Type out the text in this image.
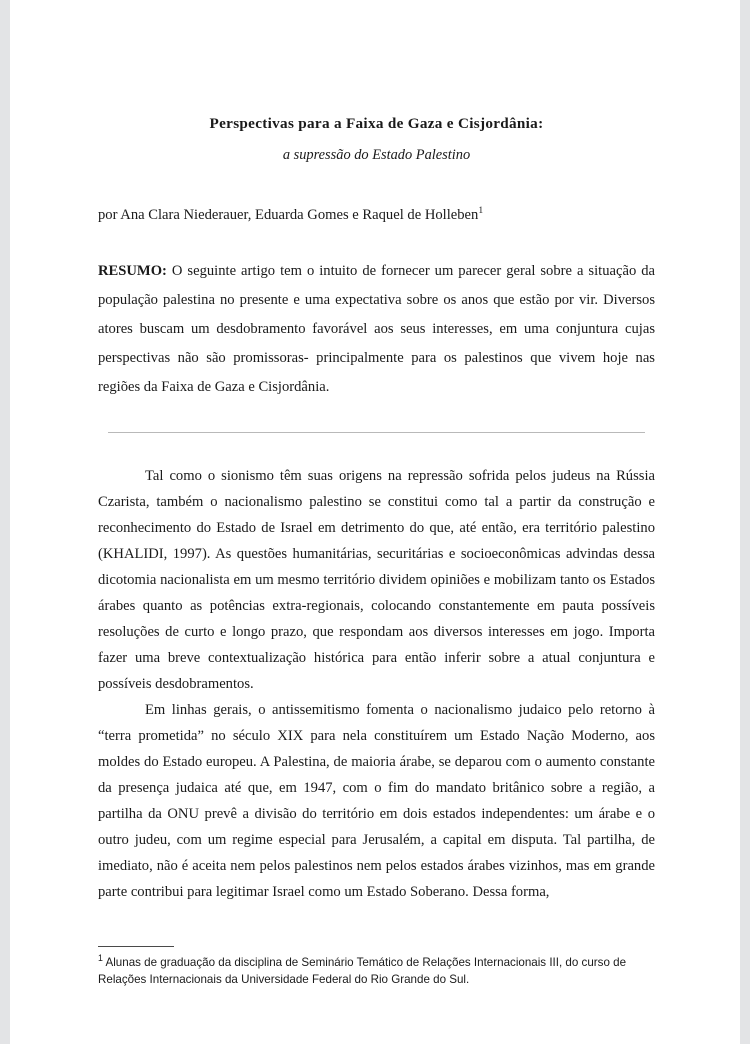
Perspectivas para a Faixa de Gaza e Cisjordânia:

a supressão do Estado Palestino

por Ana Clara Niederauer, Eduarda Gomes e Raquel de Holleben$^1$

RESUMO: O seguinte artigo tem o intuito de fornecer um parecer geral sobre a situação da população palestina no presente e uma expectativa sobre os anos que estão por vir. Diversos atores buscam um desdobramento favorável aos seus interesses, em uma conjuntura cujas perspectivas não são promissoras- principalmente para os palestinos que vivem hoje nas regiões da Faixa de Gaza e Cisjordânia.

Tal como o sionismo têm suas origens na repressão sofrida pelos judeus na Rússia Czarista, também o nacionalismo palestino se constitui como tal a partir da construção e reconhecimento do Estado de Israel em detrimento do que, até então, era território palestino (KHALIDI, 1997). As questões humanitárias, securitárias e socioeconômicas advindas dessa dicotomia nacionalista em um mesmo território dividem opiniões e mobilizam tanto os Estados árabes quanto as potências extra-regionais, colocando constantemente em pauta possíveis resoluções de curto e longo prazo, que respondam aos diversos interesses em jogo. Importa fazer uma breve contextualização histórica para então inferir sobre a atual conjuntura e possíveis desdobramentos.

Em linhas gerais, o antissemitismo fomenta o nacionalismo judaico pelo retorno à “terra prometida” no século XIX para nela constituírem um Estado Nação Moderno, aos moldes do Estado europeu. A Palestina, de maioria árabe, se deparou com o aumento constante da presença judaica até que, em 1947, com o fim do mandato britânico sobre a região, a partilha da ONU prevê a divisão do território em dois estados independentes: um árabe e o outro judeu, com um regime especial para Jerusalém, a capital em disputa. Tal partilha, de imediato, não é aceita nem pelos palestinos nem pelos estados árabes vizinhos, mas em grande parte contribui para legitimar Israel como um Estado Soberano. Dessa forma,

$^1$ Alunas de graduação da disciplina de Seminário Temático de Relações Internacionais III, do curso de Relações Internacionais da Universidade Federal do Rio Grande do Sul.
